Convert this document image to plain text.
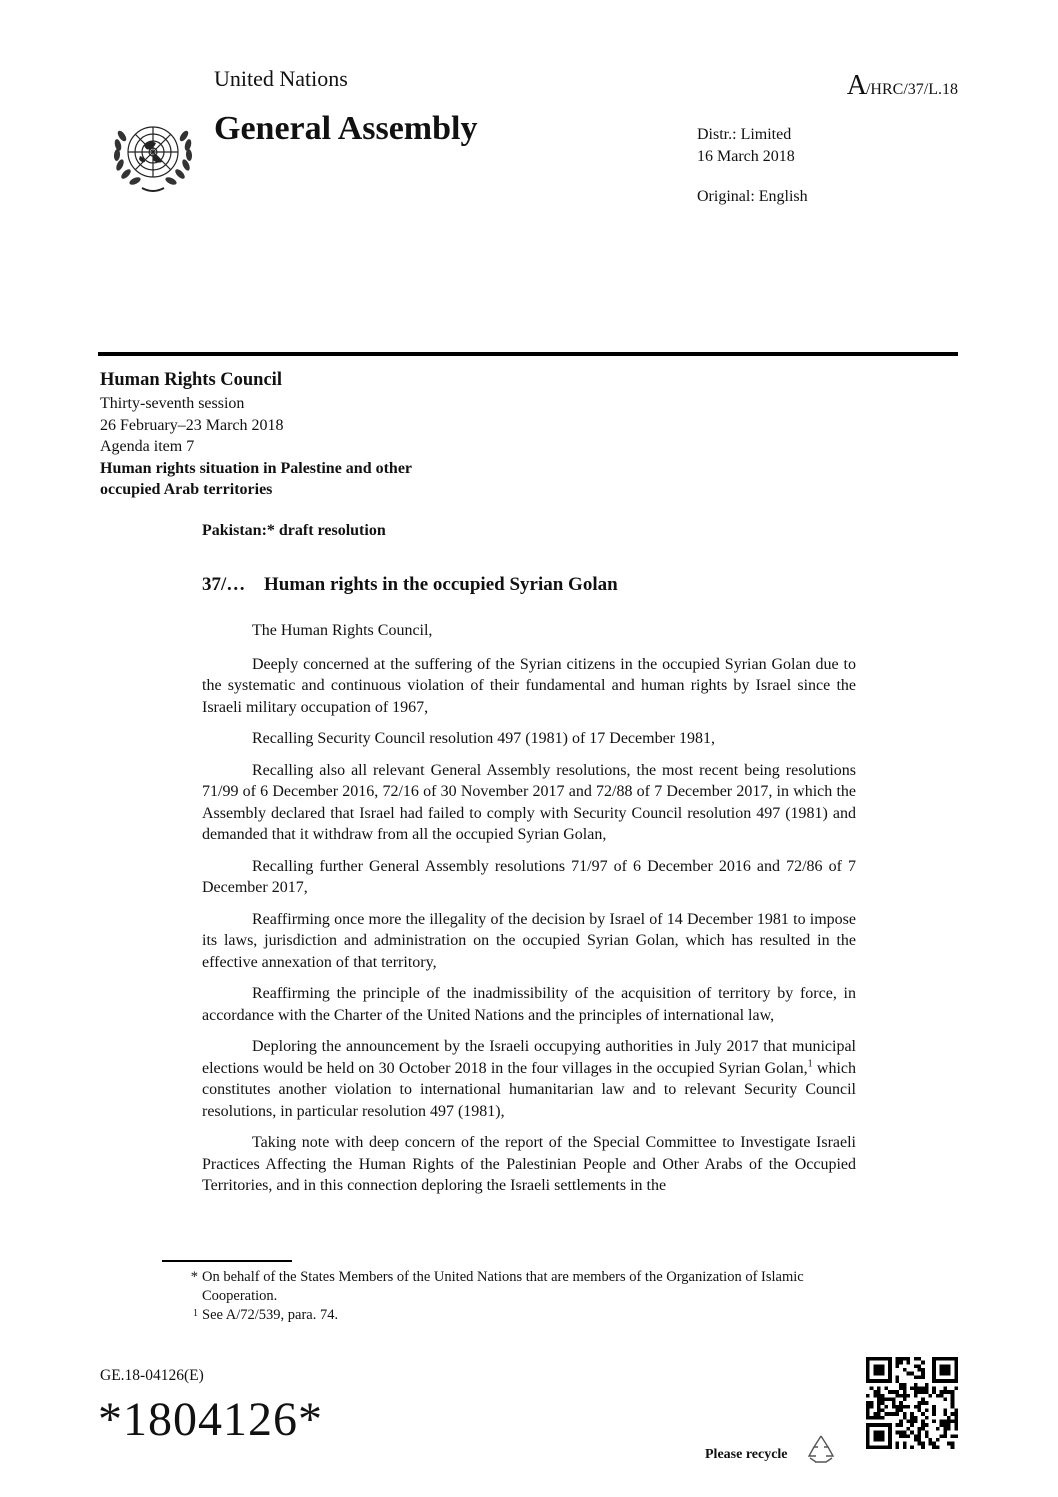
United Nations	A/HRC/37/L.18
General Assembly	Distr.: Limited
16 March 2018
Original: English
Human Rights Council
Thirty-seventh session
26 February–23 March 2018
Agenda item 7
Human rights situation in Palestine and other
occupied Arab territories
Pakistan:* draft resolution
37/… Human rights in the occupied Syrian Golan

The Human Rights Council,

Deeply concerned at the suffering of the Syrian citizens in the occupied Syrian Golan due to the systematic and continuous violation of their fundamental and human rights by Israel since the Israeli military occupation of 1967,

Recalling Security Council resolution 497 (1981) of 17 December 1981,

Recalling also all relevant General Assembly resolutions, the most recent being resolutions 71/99 of 6 December 2016, 72/16 of 30 November 2017 and 72/88 of 7 December 2017, in which the Assembly declared that Israel had failed to comply with Security Council resolution 497 (1981) and demanded that it withdraw from all the occupied Syrian Golan,

Recalling further General Assembly resolutions 71/97 of 6 December 2016 and 72/86 of 7 December 2017,

Reaffirming once more the illegality of the decision by Israel of 14 December 1981 to impose its laws, jurisdiction and administration on the occupied Syrian Golan, which has resulted in the effective annexation of that territory,

Reaffirming the principle of the inadmissibility of the acquisition of territory by force, in accordance with the Charter of the United Nations and the principles of international law,

Deploring the announcement by the Israeli occupying authorities in July 2017 that municipal elections would be held on 30 October 2018 in the four villages in the occupied Syrian Golan,$^1$ which constitutes another violation to international humanitarian law and to relevant Security Council resolutions, in particular resolution 497 (1981),

Taking note with deep concern of the report of the Special Committee to Investigate Israeli Practices Affecting the Human Rights of the Palestinian People and Other Arabs of the Occupied Territories, and in this connection deploring the Israeli settlements in the

* On behalf of the States Members of the United Nations that are members of the Organization of Islamic Cooperation.
1 See A/72/539, para. 74.
GE.18-04126(E)
*1804126*
Please recycle
